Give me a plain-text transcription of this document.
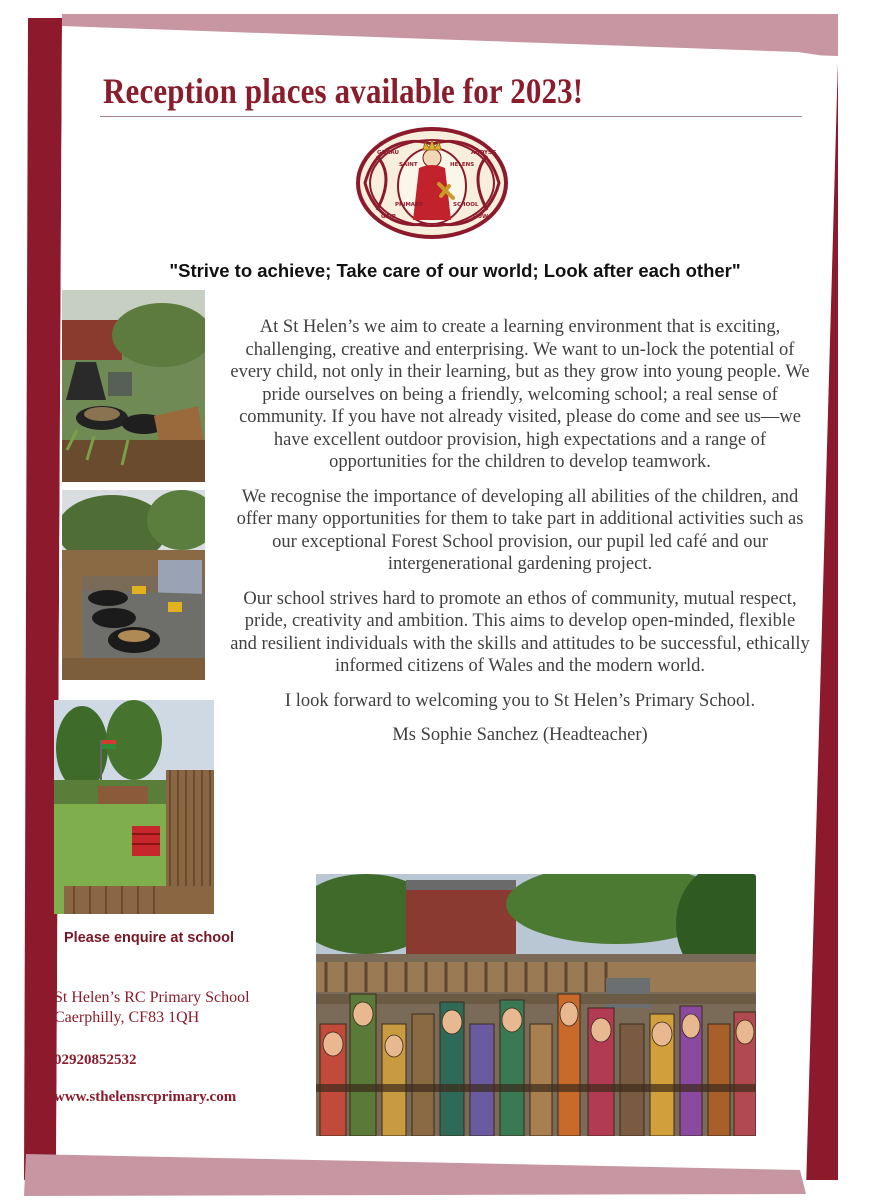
Reception places available for 2023!
GORAU
SAINT
ADDYSG
HELENS
GAIR
PRIMARY	SCHOOL
DUW
"Strive to achieve; Take care of our world; Look after each other"

At St Helen’s we aim to create a learning environment that is exciting, challenging, creative and enterprising. We want to un-lock the potential of every child, not only in their learning, but as they grow into young people. We pride ourselves on being a friendly, welcoming school; a real sense of community. If you have not already visited, please do come and see us—we have excellent outdoor provision, high expectations and a range of opportunities for the children to develop teamwork.

We recognise the importance of developing all abilities of the children, and offer many opportunities for them to take part in additional activities such as our exceptional Forest School provision, our pupil led café and our intergenerational gardening project.

Our school strives hard to promote an ethos of community, mutual respect, pride, creativity and ambition. This aims to develop open-minded, flexible and resilient individuals with the skills and attitudes to be successful, ethically informed citizens of Wales and the modern world.

I look forward to welcoming you to St Helen’s Primary School.

Ms Sophie Sanchez (Headteacher)

Please enquire at school
St Helen’s RC Primary School
Caerphilly, CF83 1QH
02920852532
www.sthelensrcprimary.com
